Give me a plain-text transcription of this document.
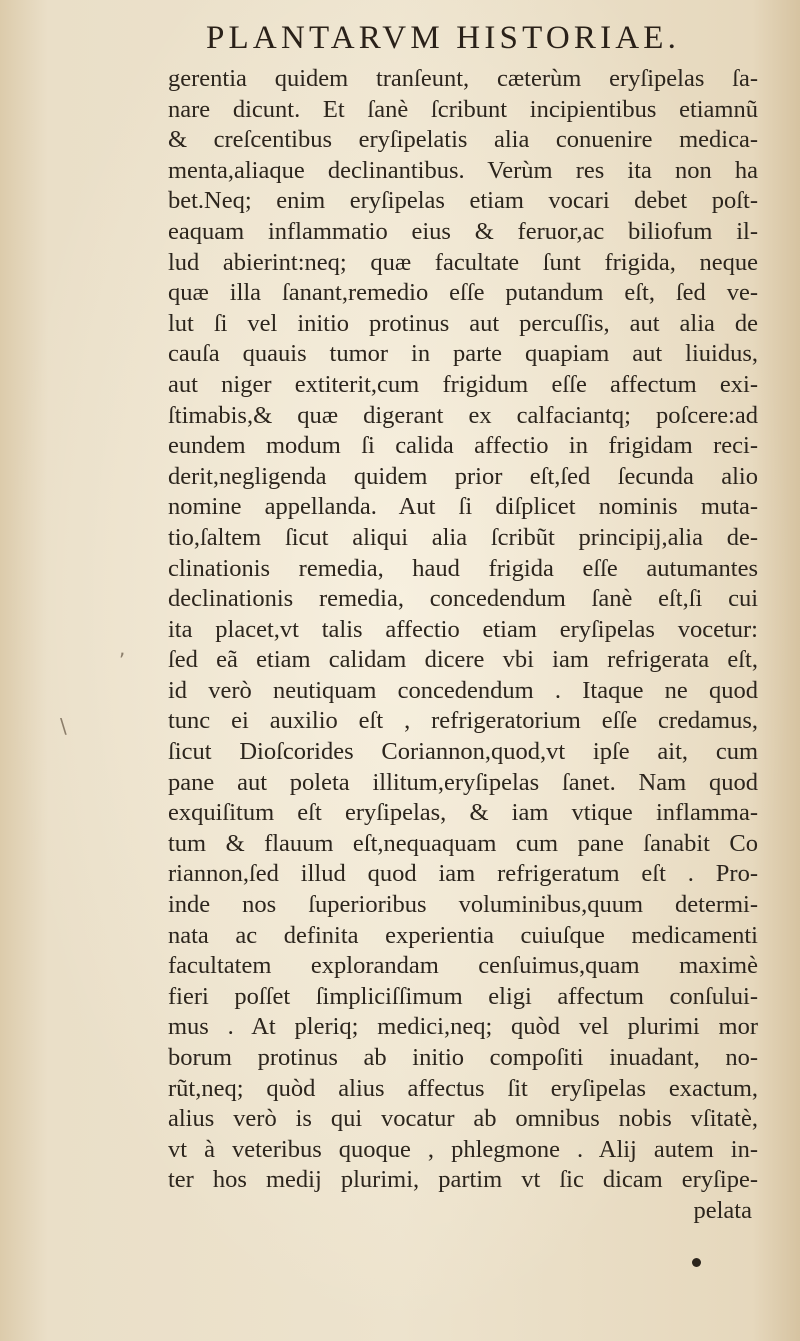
PLANTARVM HISTORIAE.
gerentia quidem tranſeunt, cæterùm eryſipelas ſa-
nare dicunt. Et ſanè ſcribunt incipientibus etiamnũ
& creſcentibus eryſipelatis alia conuenire medica-
menta,aliaque declinantibus. Verùm res ita non ha
bet.Neq; enim eryſipelas etiam vocari debet poſt-
eaquam inflammatio eius & feruor,ac biliofum il-
lud abierint:neq; quæ facultate ſunt frigida, neque
quæ illa ſanant,remedio eſſe putandum eſt, ſed ve-
lut ſi vel initio protinus aut percuſſis, aut alia de
cauſa quauis tumor in parte quapiam aut liuidus,
aut niger extiterit,cum frigidum eſſe affectum exi-
ſtimabis,& quæ digerant ex calfaciantq; poſcere:ad
eundem modum ſi calida affectio in frigidam reci-
derit,negligenda quidem prior eſt,ſed ſecunda alio
nomine appellanda. Aut ſi diſplicet nominis muta-
tio,ſaltem ſicut aliqui alia ſcribũt principij,alia de-
clinationis remedia, haud frigida eſſe autumantes
declinationis remedia, concedendum ſanè eſt,ſi cui
ita placet,vt talis affectio etiam eryſipelas vocetur:
ſed eã etiam calidam dicere vbi iam refrigerata eſt,
id verò neutiquam concedendum . Itaque ne quod
tunc ei auxilio eſt , refrigeratorium eſſe credamus,
ſicut Dioſcorides Coriannon,quod,vt ipſe ait, cum
pane aut poleta illitum,eryſipelas ſanet. Nam quod
exquiſitum eſt eryſipelas, & iam vtique inflamma-
tum & flauum eſt,nequaquam cum pane ſanabit Co
riannon,ſed illud quod iam refrigeratum eſt . Pro-
inde nos ſuperioribus voluminibus,quum determi-
nata ac definita experientia cuiuſque medicamenti
facultatem explorandam cenſuimus,quam maximè
fieri poſſet ſimpliciſſimum eligi affectum conſului-
mus . At pleriq; medici,neq; quòd vel plurimi mor
borum protinus ab initio compoſiti inuadant, no-
rũt,neq; quòd alius affectus ſit eryſipelas exactum,
alius verò is qui vocatur ab omnibus nobis vſitatè,
vt à veteribus quoque , phlegmone . Alij autem in-
ter hos medij plurimi, partim vt ſic dicam eryſipe-
pelata
,
\
